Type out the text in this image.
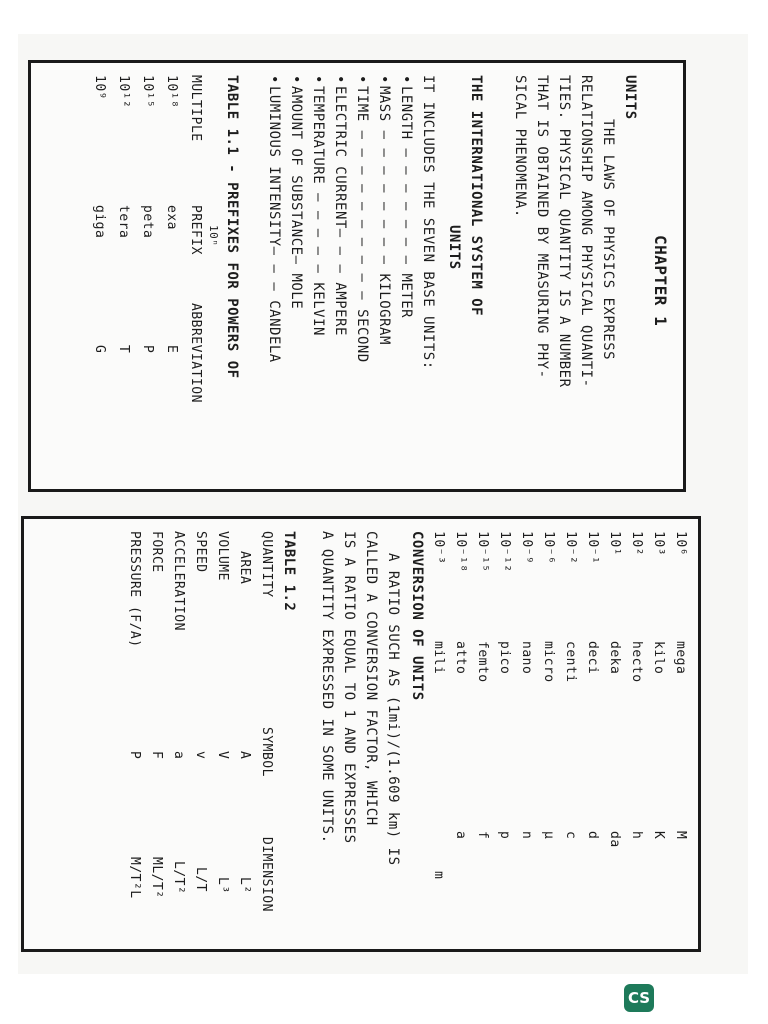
CHAPTER 1
UNITS
THE LAWS OF PHYSICS EXPRESS
RELATIONSHIP AMONG PHYSICAL QUANTI-
TIES. PHYSICAL QUANTITY IS A NUMBER
THAT IS OBTAINED BY MEASURING PHY-
SICAL PHENOMENA.
THE INTERNATIONAL SYSTEM OF
UNITS
IT INCLUDES THE SEVEN BASE UNITS:
• LENGTH — — — — — — — METER
• MASS — — — — — — — — KILOGRAM
• TIME — — — — — — — — — — SECOND
• ELECTRIC CURRENT— — — AMPERE
• TEMPERATURE — — — — — KELVIN
• AMOUNT OF SUBSTANCE— MOLE
• LUMINOUS INTENSITY— — — CANDELA
TABLE 1.1 - PREFIXES FOR POWERS OF
10ⁿ
MULTIPLE
PREFIX
ABBREVIATION
10¹⁸
exa
E
10¹⁵
peta
P
10¹²
tera
T
10⁹
giga
G
10⁶
mega
M
10³
kilo
K
10²
hecto
h
10¹
deka
da
10⁻¹
deci
d
10⁻²
centi
c
10⁻⁶
micro
µ
10⁻⁹
nano
n
10⁻¹²
pico
p
10⁻¹⁵
femto
f
10⁻¹⁸
atto
a
10⁻³
mili
m
CONVERSION OF UNITS
A RATIO SUCH AS (1mi)/(1.609 km) IS
CALLED A CONVERSION FACTOR, WHICH
IS A RATIO EQUAL TO 1 AND EXPRESSES
A QUANTITY EXPRESSED IN SOME UNITS.
TABLE 1.2
QUANTITY
SYMBOL
DIMENSION
AREA
A
L²
VOLUME
V
L³
SPEED
v
L/T
ACCELERATION
a
L/T²
FORCE
F
ML/T²
PRESSURE (F/A)
P
M/T²L
CS
